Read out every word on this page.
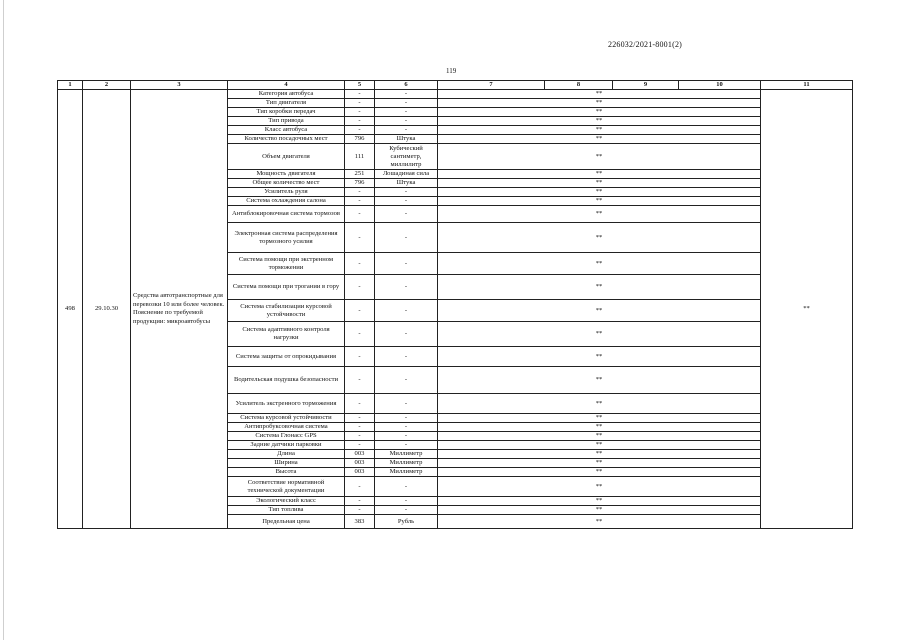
226032/2021-8001(2)
119
1	2	3	4	5	6	7	8	9	10	11
498	29.10.30	Средства автотранспортные для перевозки 10 или более человек. Пояснение по требуемой продукции: микроавтобусы	Категория автобуса	-	-	**				**
			Тип двигателя	-	-	**				
			Тип коробки передач	-	-	**				
			Тип привода	-	-	**				
			Класс автобуса	-	-	**				
			Количество посадочных мест	796	Штука	**				
			Объем двигателя	111	Кубический сантиметр, миллилитр	**				
			Мощность двигателя	251	Лошадиная сила	**				
			Общее количество мест	796	Штука	**				
			Усилитель руля	-	-	**				
			Система охлаждения салона	-	-	**				
			Антиблокировочная система тормозов	-	-	**				
			Электронная система распределения тормозного усилия	-	-	**				
			Система помощи при экстренном торможении	-	-	**				
			Система помощи при трогании в гору	-	-	**				
			Система стабилизации курсовой устойчивости	-	-	**				
			Система адаптивного контроля нагрузки	-	-	**				
			Система защиты от опрокидывания	-	-	**				
			Водительская подушка безопасности	-	-	**				
			Усилитель экстренного торможения	-	-	**				
			Система курсовой устойчивости	-	-	**				
			Антипробуксовочная система	-	-	**				
			Система Глонасс GPS	-	-	**				
			Задние датчики парковки	-	-	**				
			Длина	003	Миллиметр	**				
			Ширина	003	Миллиметр	**				
			Высота	003	Миллиметр	**				
			Соответствие нормативной технической документации	-	-	**				
			Экологический класс	-	-	**				
			Тип топлива	-	-	**				
			Предельная цена	383	Рубль	**				
